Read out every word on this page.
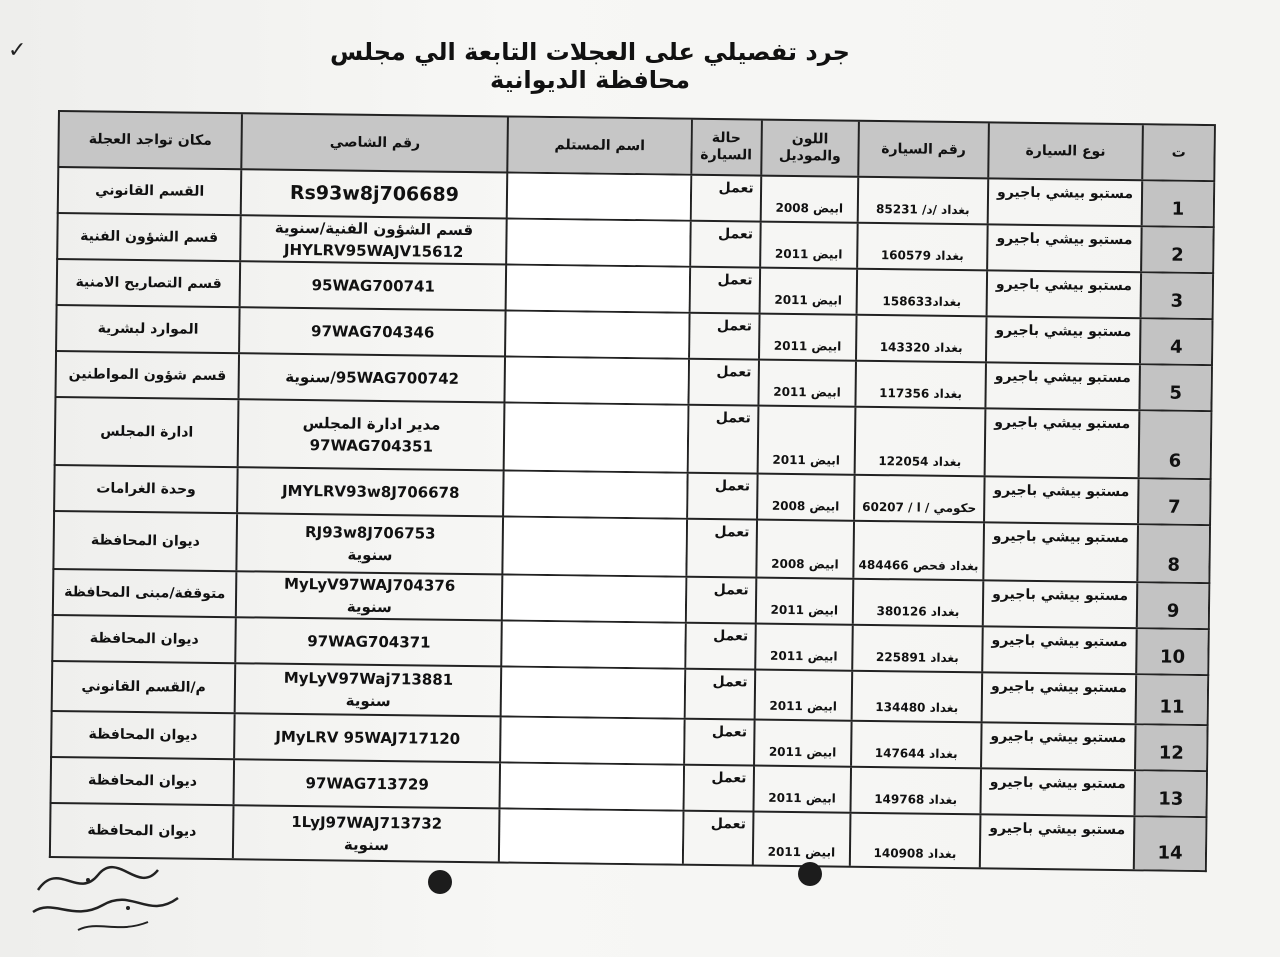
✓	جرد تفصيلي على العجلات التابعة الي مجلس محافظة الديوانية
ت
نوع السيارة
رقم السيارة
اللون والموديل
حالة السيارة
اسم المستلم
رقم الشاصي
مكان تواجد العجلة
1
مستبو بيشي باجيرو
بغداد /د/ 85231
ابيض 2008
تعمل
Rs93w8j706689
القسم القانوني
2
مستبو بيشي باجيرو
بغداد 160579
ابيض 2011
تعمل
قسم الشؤون الفنية/سنوية
JHYLRV95WAJV15612
قسم الشؤون الفنية
3
مستبو بيشي باجيرو
بغداد158633
ابيض 2011
تعمل
95WAG700741
قسم التصاريح الامنية
4
مستبو بيشي باجيرو
بغداد 143320
ابيض 2011
تعمل
97WAG704346
الموارد لبشرية
5
مستبو بيشي باجيرو
بغداد 117356
ابيض 2011
تعمل
95WAG700742/سنوية
قسم شؤون المواطنين
6
مستبو بيشي باجيرو
بغداد 122054
ابيض 2011
تعمل
مدير ادارة المجلس
97WAG704351
ادارة المجلس
7
مستبو بيشي باجيرو
حكومي / ا / 60207
ابيض 2008
تعمل
JMYLRV93w8J706678
وحدة الغرامات
8
مستبو بيشي باجيرو
بغداد فحص 484466
ابيض 2008
تعمل
RJ93w8J706753
سنوية
ديوان المحافظة
9
مستبو بيشي باجيرو
بغداد 380126
ابيض 2011
تعمل
MyLyV97WAJ704376
سنوية
متوقفة/مبنى المحافظة
10
مستبو بيشي باجيرو
بغداد 225891
ابيض 2011
تعمل
97WAG704371
ديوان المحافظة
11
مستبو بيشي باجيرو
بغداد 134480
ابيض 2011
تعمل
MyLyV97Waj713881
سنوية
م/القسم القانوني
12
مستبو بيشي باجيرو
بغداد 147644
ابيض 2011
تعمل
JMyLRV 95WAJ717120
ديوان المحافظة
13
مستبو بيشي باجيرو
بغداد 149768
ابيض 2011
تعمل
97WAG713729
ديوان المحافظة
14
مستبو بيشي باجيرو
بغداد 140908
ابيض 2011
تعمل
1LyJ97WAJ713732
سنوية
ديوان المحافظة
